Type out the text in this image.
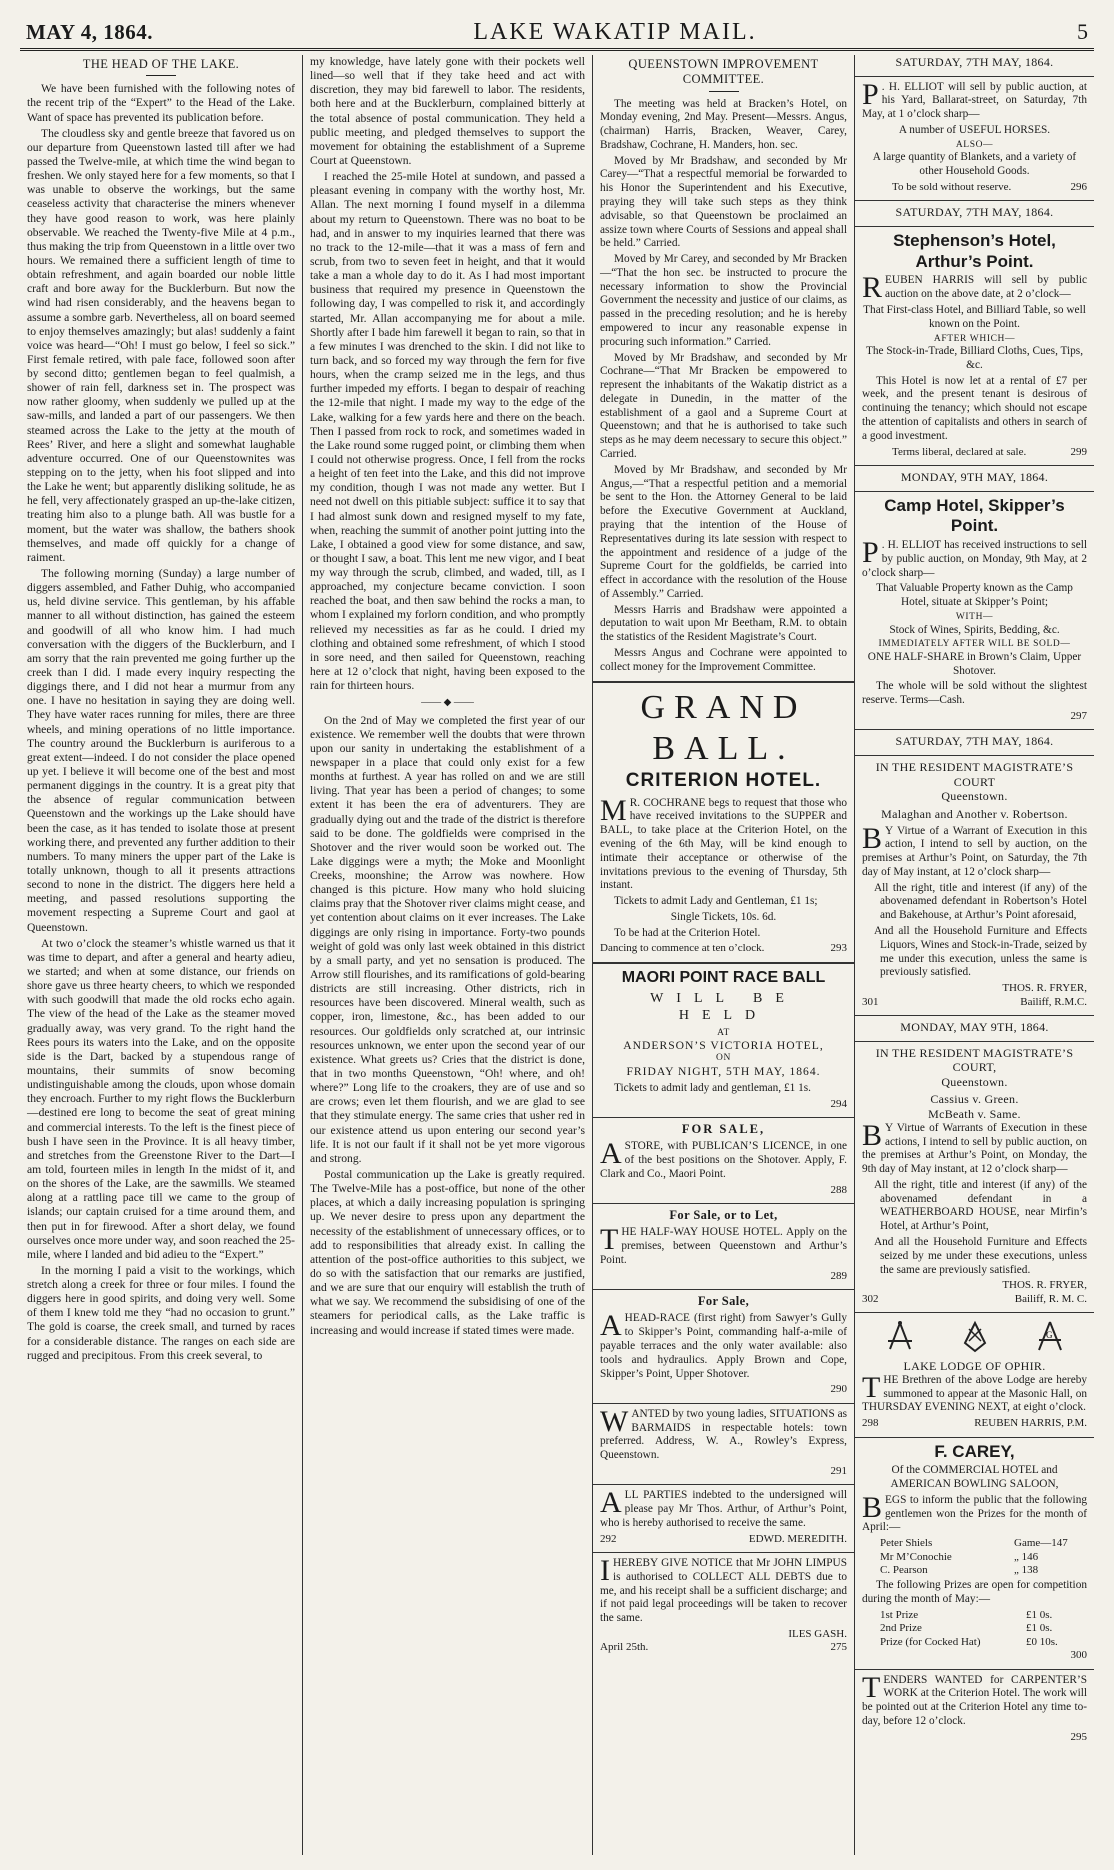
MAY 4, 1864.	LAKE WAKATIP MAIL.	5
THE HEAD OF THE LAKE.

We have been furnished with the following notes of the recent trip of the “Expert” to the Head of the Lake. Want of space has prevented its publication before.

The cloudless sky and gentle breeze that favored us on our departure from Queenstown lasted till after we had passed the Twelve-mile, at which time the wind began to freshen. We only stayed here for a few moments, so that I was unable to observe the workings, but the same ceaseless activity that characterise the miners whenever they have good reason to work, was here plainly observable. We reached the Twenty-five Mile at 4 p.m., thus making the trip from Queenstown in a little over two hours. We remained there a sufficient length of time to obtain refreshment, and again boarded our noble little craft and bore away for the Bucklerburn. But now the wind had risen considerably, and the heavens began to assume a sombre garb. Nevertheless, all on board seemed to enjoy themselves amazingly; but alas! suddenly a faint voice was heard—“Oh! I must go below, I feel so sick.” First female retired, with pale face, followed soon after by second ditto; gentlemen began to feel qualmish, a shower of rain fell, darkness set in. The prospect was now rather gloomy, when suddenly we pulled up at the saw-mills, and landed a part of our passengers. We then steamed across the Lake to the jetty at the mouth of Rees’ River, and here a slight and somewhat laughable adventure occurred. One of our Queenstownites was stepping on to the jetty, when his foot slipped and into the Lake he went; but apparently disliking solitude, he as he fell, very affectionately grasped an up-the-lake citizen, treating him also to a plunge bath. All was bustle for a moment, but the water was shallow, the bathers shook themselves, and made off quickly for a change of raiment.

The following morning (Sunday) a large number of diggers assembled, and Father Duhig, who accompanied us, held divine service. This gentleman, by his affable manner to all without distinction, has gained the esteem and goodwill of all who know him. I had much conversation with the diggers of the Bucklerburn, and I am sorry that the rain prevented me going further up the creek than I did. I made every inquiry respecting the diggings there, and I did not hear a murmur from any one. I have no hesitation in saying they are doing well. They have water races running for miles, there are three wheels, and mining operations of no little importance. The country around the Bucklerburn is auriferous to a great extent—indeed. I do not consider the place opened up yet. I believe it will become one of the best and most permanent diggings in the country. It is a great pity that the absence of regular communication between Queenstown and the workings up the Lake should have been the case, as it has tended to isolate those at present working there, and prevented any further addition to their numbers. To many miners the upper part of the Lake is totally unknown, though to all it presents attractions second to none in the district. The diggers here held a meeting, and passed resolutions supporting the movement respecting a Supreme Court and gaol at Queenstown.

At two o’clock the steamer’s whistle warned us that it was time to depart, and after a general and hearty adieu, we started; and when at some distance, our friends on shore gave us three hearty cheers, to which we responded with such goodwill that made the old rocks echo again. The view of the head of the Lake as the steamer moved gradually away, was very grand. To the right hand the Rees pours its waters into the Lake, and on the opposite side is the Dart, backed by a stupendous range of mountains, their summits of snow becoming undistinguishable among the clouds, upon whose domain they encroach. Further to my right flows the Bucklerburn—destined ere long to become the seat of great mining and commercial interests. To the left is the finest piece of bush I have seen in the Province. It is all heavy timber, and stretches from the Greenstone River to the Dart—I am told, fourteen miles in length In the midst of it, and on the shores of the Lake, are the sawmills. We steamed along at a rattling pace till we came to the group of islands; our captain cruised for a time around them, and then put in for firewood. After a short delay, we found ourselves once more under way, and soon reached the 25-mile, where I landed and bid adieu to the “Expert.”

In the morning I paid a visit to the workings, which stretch along a creek for three or four miles. I found the diggers here in good spirits, and doing very well. Some of them I knew told me they “had no occasion to grunt.” The gold is coarse, the creek small, and turned by races for a considerable distance. The ranges on each side are rugged and precipitous. From this creek several, to

my knowledge, have lately gone with their pockets well lined—so well that if they take heed and act with discretion, they may bid farewell to labor. The residents, both here and at the Bucklerburn, complained bitterly at the total absence of postal communication. They held a public meeting, and pledged themselves to support the movement for obtaining the establishment of a Supreme Court at Queenstown.

I reached the 25-mile Hotel at sundown, and passed a pleasant evening in company with the worthy host, Mr. Allan. The next morning I found myself in a dilemma about my return to Queenstown. There was no boat to be had, and in answer to my inquiries learned that there was no track to the 12-mile—that it was a mass of fern and scrub, from two to seven feet in height, and that it would take a man a whole day to do it. As I had most important business that required my presence in Queenstown the following day, I was compelled to risk it, and accordingly started, Mr. Allan accompanying me for about a mile. Shortly after I bade him farewell it began to rain, so that in a few minutes I was drenched to the skin. I did not like to turn back, and so forced my way through the fern for five hours, when the cramp seized me in the legs, and thus further impeded my efforts. I began to despair of reaching the 12-mile that night. I made my way to the edge of the Lake, walking for a few yards here and there on the beach. Then I passed from rock to rock, and sometimes waded in the Lake round some rugged point, or climbing them when I could not otherwise progress. Once, I fell from the rocks a height of ten feet into the Lake, and this did not improve my condition, though I was not made any wetter. But I need not dwell on this pitiable subject: suffice it to say that I had almost sunk down and resigned myself to my fate, when, reaching the summit of another point jutting into the Lake, I obtained a good view for some distance, and saw, or thought I saw, a boat. This lent me new vigor, and I beat my way through the scrub, climbed, and waded, till, as I approached, my conjecture became conviction. I soon reached the boat, and then saw behind the rocks a man, to whom I explained my forlorn condition, and who promptly relieved my necessities as far as he could. I dried my clothing and obtained some refreshment, of which I stood in sore need, and then sailed for Queenstown, reaching here at 12 o’clock that night, having been exposed to the rain for thirteen hours.

—— ◆ ——

On the 2nd of May we completed the first year of our existence. We remember well the doubts that were thrown upon our sanity in undertaking the establishment of a newspaper in a place that could only exist for a few months at furthest. A year has rolled on and we are still living. That year has been a period of changes; to some extent it has been the era of adventurers. They are gradually dying out and the trade of the district is therefore said to be done. The goldfields were comprised in the Shotover and the river would soon be worked out. The Lake diggings were a myth; the Moke and Moonlight Creeks, moonshine; the Arrow was nowhere. How changed is this picture. How many who hold sluicing claims pray that the Shotover river claims might cease, and yet contention about claims on it ever increases. The Lake diggings are only rising in importance. Forty-two pounds weight of gold was only last week obtained in this district by a small party, and yet no sensation is produced. The Arrow still flourishes, and its ramifications of gold-bearing districts are still increasing. Other districts, rich in resources have been discovered. Mineral wealth, such as copper, iron, limestone, &c., has been added to our resources. Our goldfields only scratched at, our intrinsic resources unknown, we enter upon the second year of our existence. What greets us? Cries that the district is done, that in two months Queenstown, “Oh! where, and oh! where?” Long life to the croakers, they are of use and so are crows; even let them flourish, and we are glad to see that they stimulate energy. The same cries that usher red in our existence attend us upon entering our second year’s life. It is not our fault if it shall not be yet more vigorous and strong.

Postal communication up the Lake is greatly required. The Twelve-Mile has a post-office, but none of the other places, at which a daily increasing population is springing up. We never desire to press upon any department the necessity of the establishment of unnecessary offices, or to add to responsibilities that already exist. In calling the attention of the post-office authorities to this subject, we do so with the satisfaction that our remarks are justified, and we are sure that our enquiry will establish the truth of what we say. We recommend the subsidising of one of the steamers for periodical calls, as the Lake traffic is increasing and would increase if stated times were made.

QUEENSTOWN IMPROVEMENT COMMITTEE.

The meeting was held at Bracken’s Hotel, on Monday evening, 2nd May. Present—Messrs. Angus, (chairman) Harris, Bracken, Weaver, Carey, Bradshaw, Cochrane, H. Manders, hon. sec.

Moved by Mr Bradshaw, and seconded by Mr Carey—“That a respectful memorial be forwarded to his Honor the Superintendent and his Executive, praying they will take such steps as they think advisable, so that Queenstown be proclaimed an assize town where Courts of Sessions and appeal shall be held.” Carried.

Moved by Mr Carey, and seconded by Mr Bracken—“That the hon sec. be instructed to procure the necessary information to show the Provincial Government the necessity and justice of our claims, as passed in the preceding resolution; and he is hereby empowered to incur any reasonable expense in procuring such information.” Carried.

Moved by Mr Bradshaw, and seconded by Mr Cochrane—“That Mr Bracken be empowered to represent the inhabitants of the Wakatip district as a delegate in Dunedin, in the matter of the establishment of a gaol and a Supreme Court at Queenstown; and that he is authorised to take such steps as he may deem necessary to secure this object.” Carried.

Moved by Mr Bradshaw, and seconded by Mr Angus,—“That a respectful petition and a memorial be sent to the Hon. the Attorney General to be laid before the Executive Government at Auckland, praying that the intention of the House of Representatives during its late session with respect to the appointment and residence of a judge of the Supreme Court for the goldfields, be carried into effect in accordance with the resolution of the House of Assembly.” Carried.

Messrs Harris and Bradshaw were appointed a deputation to wait upon Mr Beetham, R.M. to obtain the statistics of the Resident Magistrate’s Court.

Messrs Angus and Cochrane were appointed to collect money for the Improvement Committee.

GRAND BALL.
CRITERION HOTEL.
M R. COCHRANE begs to request that those who have received invitations to the SUPPER and BALL, to take place at the Criterion Hotel, on the evening of the 6th May, will be kind enough to intimate their acceptance or otherwise of the invitations previous to the evening of Thursday, 5th instant.

Tickets to admit Lady and Gentleman, £1 1s;

Single Tickets, 10s. 6d.

To be had at the Criterion Hotel.

Dancing to commence at ten o’clock.	293
MAORI POINT RACE BALL
WILL BE HELD
AT
ANDERSON’S VICTORIA HOTEL,
ON
FRIDAY NIGHT, 5TH MAY, 1864.

Tickets to admit lady and gentleman, £1 1s.

294
FOR SALE,
A STORE, with PUBLICAN’S LICENCE, in one of the best positions on the Shotover. Apply, F. Clark and Co., Maori Point.

288
For Sale, or to Let,
T HE HALF-WAY HOUSE HOTEL. Apply on the premises, between Queenstown and Arthur’s Point.

289
For Sale,
A HEAD-RACE (first right) from Sawyer’s Gully to Skipper’s Point, commanding half-a-mile of payable terraces and the only water available: also tools and hydraulics. Apply Brown and Cope, Skipper’s Point, Upper Shotover.

290
W ANTED by two young ladies, SITUATIONS as BARMAIDS in respectable hotels: town preferred. Address, W. A., Rowley’s Express, Queenstown.

291
A LL PARTIES indebted to the undersigned will please pay Mr Thos. Arthur, of Arthur’s Point, who is hereby authorised to receive the same.

292	EDWD. MEREDITH.
I HEREBY GIVE NOTICE that Mr JOHN LIMPUS is authorised to COLLECT ALL DEBTS due to me, and his receipt shall be a sufficient discharge; and if not paid legal proceedings will be taken to recover the same.

ILES GASH.
April 25th.	275
SATURDAY, 7TH MAY, 1864.
P . H. ELLIOT will sell by public auction, at his Yard, Ballarat-street, on Saturday, 7th May, at 1 o’clock sharp—

A number of USEFUL HORSES.

ALSO—

A large quantity of Blankets, and a variety of other Household Goods.

To be sold without reserve.	296
SATURDAY, 7TH MAY, 1864.
Stephenson’s Hotel, Arthur’s Point.
R EUBEN HARRIS will sell by public auction on the above date, at 2 o’clock—

That First-class Hotel, and Billiard Table, so well known on the Point.

AFTER WHICH—

The Stock-in-Trade, Billiard Cloths, Cues, Tips, &c.

This Hotel is now let at a rental of £7 per week, and the present tenant is desirous of continuing the tenancy; which should not escape the attention of capitalists and others in search of a good investment.

Terms liberal, declared at sale.	299
MONDAY, 9TH MAY, 1864.
Camp Hotel, Skipper’s Point.
P . H. ELLIOT has received instructions to sell by public auction, on Monday, 9th May, at 2 o’clock sharp—

That Valuable Property known as the Camp Hotel, situate at Skipper’s Point;

WITH—

Stock of Wines, Spirits, Bedding, &c.

IMMEDIATELY AFTER WILL BE SOLD—

ONE HALF-SHARE in Brown’s Claim, Upper Shotover.

The whole will be sold without the slightest reserve. Terms—Cash.

297
SATURDAY, 7TH MAY, 1864.
IN THE RESIDENT MAGISTRATE’S COURT
Queenstown.
Malaghan and Another v. Robertson.
B Y Virtue of a Warrant of Execution in this action, I intend to sell by auction, on the premises at Arthur’s Point, on Saturday, the 7th day of May instant, at 12 o’clock sharp—

All the right, title and interest (if any) of the abovenamed defendant in Robertson’s Hotel and Bakehouse, at Arthur’s Point aforesaid,

And all the Household Furniture and Effects Liquors, Wines and Stock-in-Trade, seized by me under this execution, unless the same is previously satisfied.

THOS. R. FRYER,
301	Bailiff, R.M.C.
MONDAY, MAY 9TH, 1864.
IN THE RESIDENT MAGISTRATE’S COURT,
Queenstown.
Cassius v. Green.
McBeath v. Same.
B Y Virtue of Warrants of Execution in these actions, I intend to sell by public auction, on the premises at Arthur’s Point, on Monday, the 9th day of May instant, at 12 o’clock sharp—

All the right, title and interest (if any) of the abovenamed defendant in a WEATHERBOARD HOUSE, near Mirfin’s Hotel, at Arthur’s Point,

And all the Household Furniture and Effects seized by me under these executions, unless the same are previously satisfied.

THOS. R. FRYER,
302	Bailiff, R. M. C.
G
LAKE LODGE OF OPHIR.
T HE Brethren of the above Lodge are hereby summoned to appear at the Masonic Hall, on THURSDAY EVENING NEXT, at eight o’clock.

298	REUBEN HARRIS, P.M.
F. CAREY,

Of the COMMERCIAL HOTEL and AMERICAN BOWLING SALOON,

B EGS to inform the public that the following gentlemen won the Prizes for the month of April:—

Peter Shiels	Game—147
Mr M’Conochie	„ 146
C. Pearson	„ 138

The following Prizes are open for competition during the month of May:—

1st Prize	£1 0s.
2nd Prize	£1 0s.
Prize (for Cocked Hat)	£0 10s.
300
T ENDERS WANTED for CARPENTER’S WORK at the Criterion Hotel. The work will be pointed out at the Criterion Hotel any time to-day, before 12 o’clock.

295
